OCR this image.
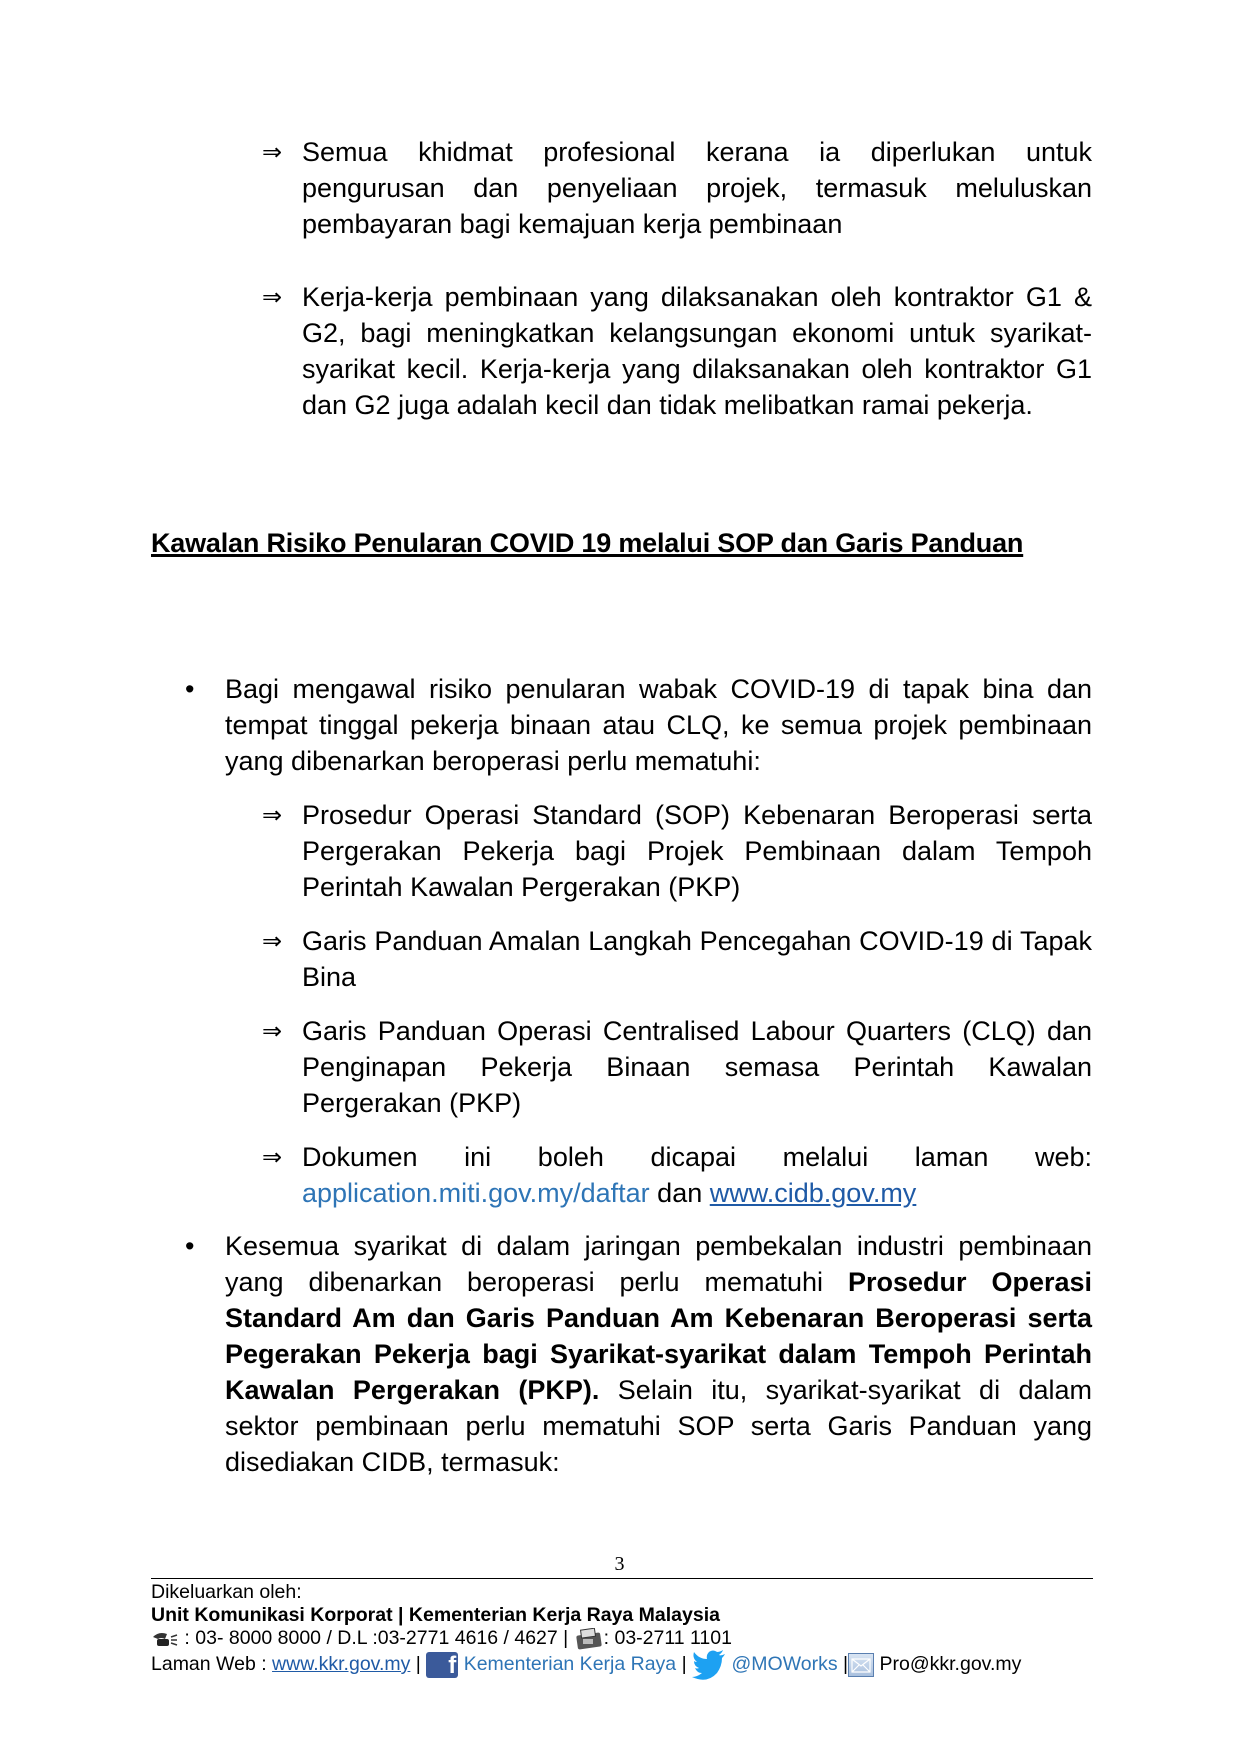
⇒ Semua khidmat profesional kerana ia diperlukan untuk pengurusan dan penyeliaan projek, termasuk meluluskan pembayaran bagi kemajuan kerja pembinaan
⇒ Kerja-kerja pembinaan yang dilaksanakan oleh kontraktor G1 & G2, bagi meningkatkan kelangsungan ekonomi untuk syarikat-syarikat kecil. Kerja-kerja yang dilaksanakan oleh kontraktor G1 dan G2 juga adalah kecil dan tidak melibatkan ramai pekerja.
Kawalan Risiko Penularan COVID 19 melalui SOP dan Garis Panduan
• Bagi mengawal risiko penularan wabak COVID-19 di tapak bina dan tempat tinggal pekerja binaan atau CLQ, ke semua projek pembinaan yang dibenarkan beroperasi perlu mematuhi:
⇒ Prosedur Operasi Standard (SOP) Kebenaran Beroperasi serta Pergerakan Pekerja bagi Projek Pembinaan dalam Tempoh Perintah Kawalan Pergerakan (PKP)
⇒ Garis Panduan Amalan Langkah Pencegahan COVID-19 di Tapak Bina
⇒ Garis Panduan Operasi Centralised Labour Quarters (CLQ) dan Penginapan Pekerja Binaan semasa Perintah Kawalan Pergerakan (PKP)
⇒ Dokumen ini boleh dicapai melalui laman web:
application.miti.gov.my/daftar dan www.cidb.gov.my
• Kesemua syarikat di dalam jaringan pembekalan industri pembinaan yang dibenarkan beroperasi perlu mematuhi Prosedur Operasi Standard Am dan Garis Panduan Am Kebenaran Beroperasi serta Pegerakan Pekerja bagi Syarikat-syarikat dalam Tempoh Perintah Kawalan Pergerakan (PKP). Selain itu, syarikat-syarikat di dalam sektor pembinaan perlu mematuhi SOP serta Garis Panduan yang disediakan CIDB, termasuk:
3
Dikeluarkan oleh:
Unit Komunikasi Korporat | Kementerian Kerja Raya Malaysia
: 03- 8000 8000 / D.L :03-2771 4616 / 4627 | : 03-2711 1101
Laman Web : www.kkr.gov.my | f Kementerian Kerja Raya |  @MOWorks | Pro@kkr.gov.my
